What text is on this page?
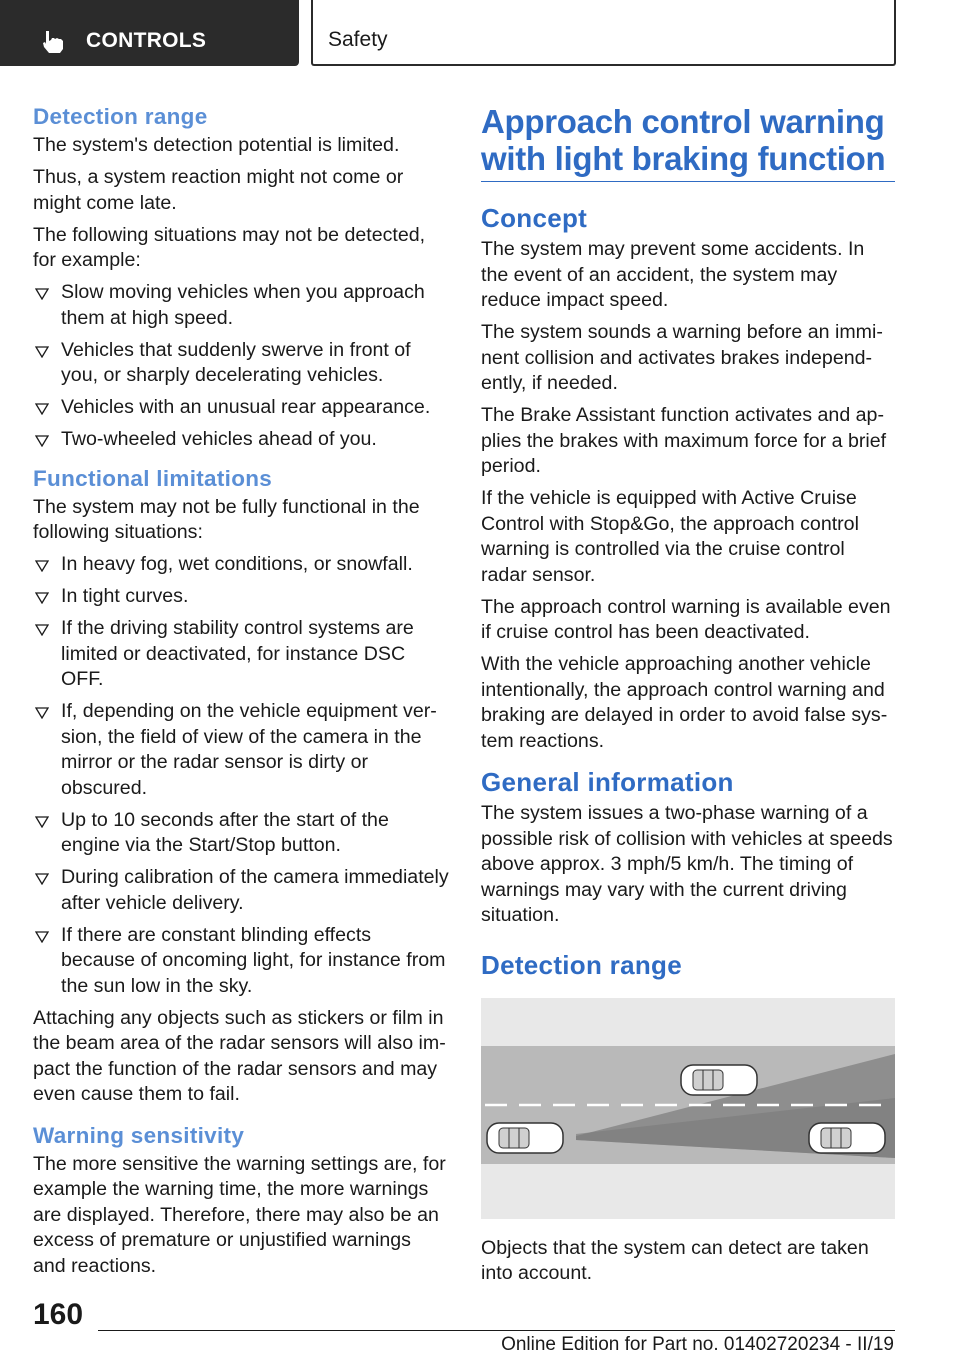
CONTROLS	Safety
Detection range

The system's detection potential is limited.

Thus, a system reaction might not come or might come late.

The following situations may not be detected, for example:

Slow moving vehicles when you approach them at high speed.
Vehicles that suddenly swerve in front of you, or sharply decelerating vehicles.
Vehicles with an unusual rear appearance.
Two-wheeled vehicles ahead of you.
Functional limitations

The system may not be fully functional in the following situations:

In heavy fog, wet conditions, or snowfall.
In tight curves.
If the driving stability control systems are limited or deactivated, for instance DSC OFF.
If, depending on the vehicle equipment version, the field of view of the camera in the mirror or the radar sensor is dirty or obscured.
Up to 10 seconds after the start of the engine via the Start/Stop button.
During calibration of the camera immediately after vehicle delivery.
If there are constant blinding effects because of oncoming light, for instance from the sun low in the sky.

Attaching any objects such as stickers or film in the beam area of the radar sensors will also impact the function of the radar sensors and may even cause them to fail.

Warning sensitivity

The more sensitive the warning settings are, for example the warning time, the more warnings are displayed. Therefore, there may also be an excess of premature or unjustified warnings and reactions.

Approach control warning with light braking function
Concept

The system may prevent some accidents. In the event of an accident, the system may reduce impact speed.

The system sounds a warning before an imminent collision and activates brakes independently, if needed.

The Brake Assistant function activates and applies the brakes with maximum force for a brief period.

If the vehicle is equipped with Active Cruise Control with Stop&Go, the approach control warning is controlled via the cruise control radar sensor.

The approach control warning is available even if cruise control has been deactivated.

With the vehicle approaching another vehicle intentionally, the approach control warning and braking are delayed in order to avoid false system reactions.

General information

The system issues a two-phase warning of a possible risk of collision with vehicles at speeds above approx. 3 mph/5 km/h. The timing of warnings may vary with the current driving situation.

Detection range

Objects that the system can detect are taken into account.

160
Online Edition for Part no. 01402720234 - II/19
